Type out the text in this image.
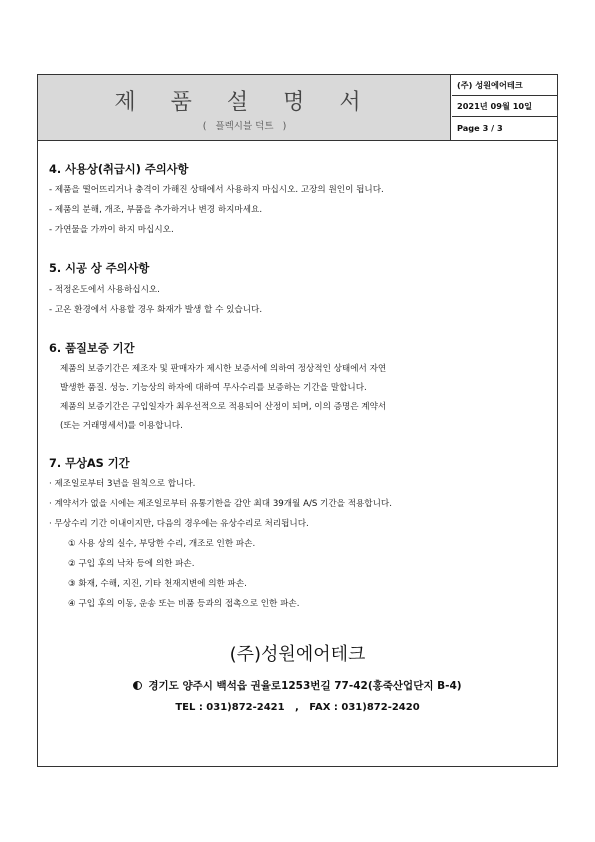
제 품 설 명 서
(   플렉시블 덕트   )
(주) 성원에어테크
2021년 09월 10일
Page 3 / 3
4. 사용상(취급시) 주의사항
- 제품을 떨어뜨리거나 충격이 가해진 상태에서 사용하지 마십시오. 고장의 원인이 됩니다.
- 제품의 분해, 개조, 부품을 추가하거나 변경 하지마세요.
- 가연물을 가까이 하지 마십시오.
5. 시공 상 주의사항
- 적정온도에서 사용하십시오.
- 고온 환경에서 사용할 경우 화재가 발생 할 수 있습니다.
6. 품질보증 기간
제품의 보증기간은 제조자 및 판매자가 제시한 보증서에 의하여 정상적인 상태에서 자연
발생한 품질. 성능. 기능상의 하자에 대하여 무사수리를 보증하는 기간을 말합니다.
제품의 보증기간은 구입일자가 최우선적으로 적용되어 산정이 되며, 이의 증명은 계약서
(또는 거래명세서)를 이용합니다.
7. 무상AS 기간
· 제조일로부터 3년을 원칙으로 합니다.
· 계약서가 없을 시에는 제조일로부터 유통기한을 감안 최대 39개월 A/S 기간을 적용합니다.
· 무상수리 기간 이내이지만, 다음의 경우에는 유상수리로 처리됩니다.
① 사용 상의 실수, 부당한 수리, 개조로 인한 파손.
② 구입 후의 낙차 등에 의한 파손.
③ 화재, 수해, 지진, 기타 천재지변에 의한 파손.
④ 구입 후의 이동, 운송 또는 비품 등과의 접촉으로 인한 파손.
(주)성원에어테크
경기도 양주시 백석읍 권율로1253번길 77-42(홍죽산업단지 B-4)
TEL : 031)872-2421   ,   FAX : 031)872-2420
